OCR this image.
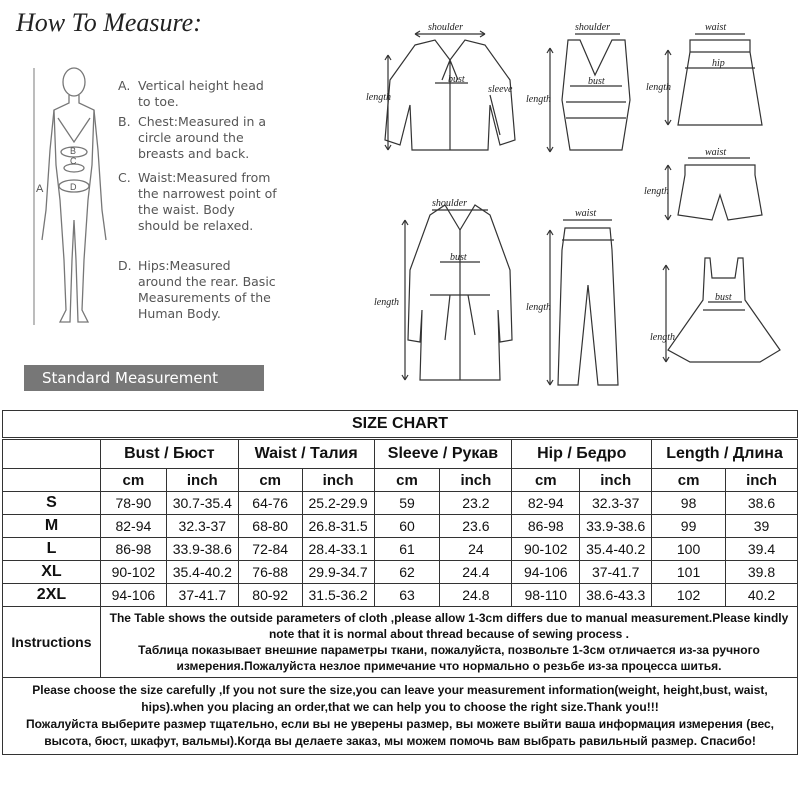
How To Measure:
A
B
C
D
A. Vertical height head to toe.
B. Chest:Measured in a circle around the breasts and back.
C. Waist:Measured from the narrowest point of the waist. Body should be relaxed.
D. Hips:Measured around the rear. Basic Measurements of the Human Body.
Standard Measurement
shoulder
bust
sleeve
length
shoulder
bust
length
waist
hip
length
waist
length
shoulder
bust
length
waist
length
bust
length
SIZE CHART										
	Bust / Бюст		Waist / Талия		Sleeve / Рукав		Hip / Бедро		Length / Длина	
	cm	inch	cm	inch	cm	inch	cm	inch	cm	inch
S	78-90	30.7-35.4	64-76	25.2-29.9	59	23.2	82-94	32.3-37	98	38.6
M	82-94	32.3-37	68-80	26.8-31.5	60	23.6	86-98	33.9-38.6	99	39
L	86-98	33.9-38.6	72-84	28.4-33.1	61	24	90-102	35.4-40.2	100	39.4
XL	90-102	35.4-40.2	76-88	29.9-34.7	62	24.4	94-106	37-41.7	101	39.8
2XL	94-106	37-41.7	80-92	31.5-36.2	63	24.8	98-110	38.6-43.3	102	40.2
Instructions	The Table shows the outside parameters of cloth ,please allow 1-3cm differs due to manual measurement.Please kindly note that it is normal about thread because of sewing process .
Таблица показывает внешние параметры ткани, пожалуйста, позвольте 1-3см отличается из-за ручного измерения.Пожалуйста незлое примечание что нормально о резьбе из-за процесса шитья.									

Please choose the size carefully ,If you not sure the size,you can leave your measurement information(weight, height,bust, waist, hips).when you placing an order,that we can help you to choose the right size.Thank you!!!
Пожалуйста выберите размер тщательно, если вы не уверены размер, вы можете выйти ваша информация измерения (вес, высота, бюст, шкафут, вальмы).Когда вы делаете заказ, мы можем помочь вам выбрать равильный размер. Спасибо!										
